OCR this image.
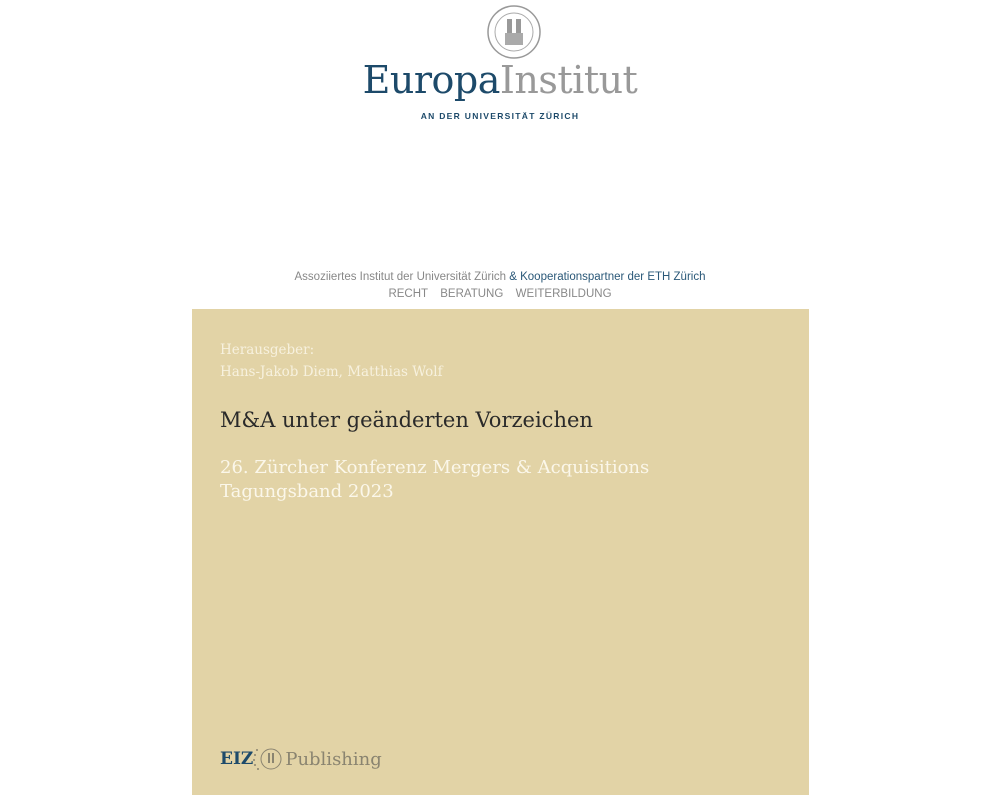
EuropaInstitut
AN DER UNIVERSITÄT ZÜRICH
Assoziiertes Institut der Universität Zürich & Kooperationspartner der ETH Zürich
RECHT  BERATUNG  WEITERBILDUNG
Herausgeber:
Hans-Jakob Diem, Matthias Wolf
M&A unter geänderten Vorzeichen
26. Zürcher Konferenz Mergers & Acquisitions
Tagungsband 2023
EIZ Publishing
